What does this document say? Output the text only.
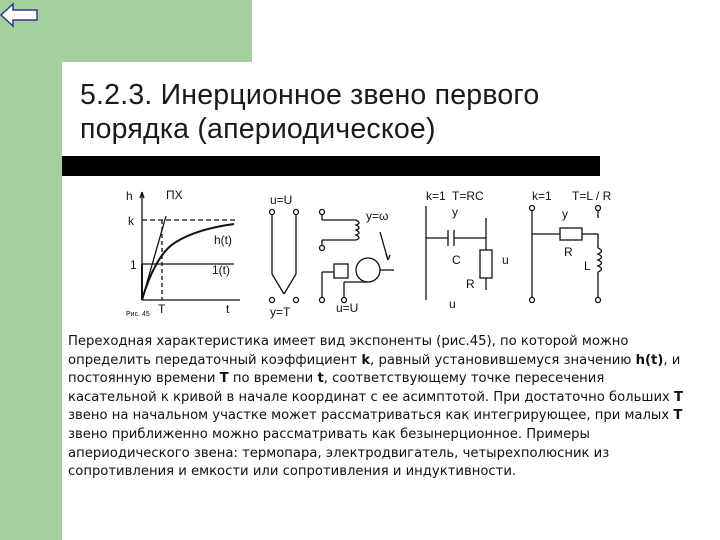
5.2.3. Инерционное звено первого порядка (апериодическое)
h	ПХ
k
1
h(t)
1(t)
T	t
Рис. 45
u=U
y=T
y=ω
u=U
k=1 T=RC
y
C	u
R
u
k=1 T=L / R
y
R
L

Переходная характеристика имеет вид экспоненты (рис.45), по которой можно определить передаточный коэффициент k, равный установившемуся значению h(t), и постоянную времени T по времени t, соответствующему точке пересечения касательной к кривой в начале координат с ее асимптотой. При достаточно больших T звено на начальном участке может рассматриваться как интегрирующее, при малых T звено приближенно можно рассматривать как безынерционное. Примеры апериодического звена: термопара, электродвигатель, четырехполюсник из сопротивления и емкости или сопротивления и индуктивности.
